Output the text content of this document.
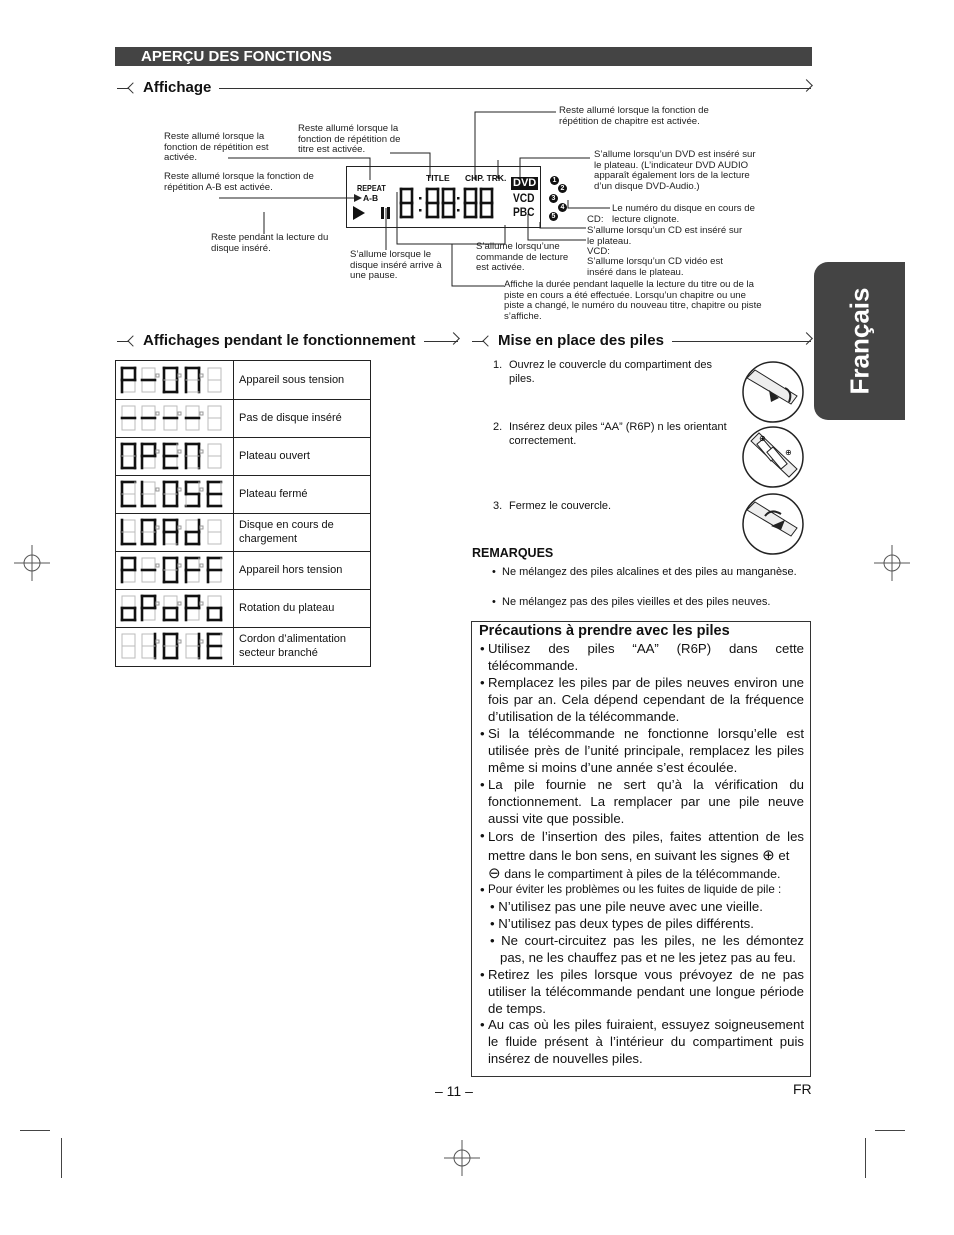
APERÇU DES FONCTIONS
Français
Affichage
Reste allumé lorsque la fonction de répétition est activée.
Reste allumé lorsque la fonction de répétition de titre est activée.
Reste allumé lorsque la fonction de répétition de chapitre est activée.
Reste allumé lorsque la fonction de répétition A-B est activée.
Reste pendant la lecture du disque inséré.
S’allume lorsque le disque inséré arrive à une pause.
S’allume lorsqu’une commande de lecture est activée.
Affiche la durée pendant laquelle la lecture du titre ou de la piste en cours a été effectuée. Lorsqu’un chapitre ou une piste a changé, le numéro du nouveau titre, chapitre ou piste s’affiche.
S’allume lorsqu’un DVD est inséré sur le plateau. (L’indicateur DVD AUDIO apparaît également lors de la lecture d’un disque DVD-Audio.)
Le numéro du disque en cours de lecture clignote.
CD:
S’allume lorsqu’un CD est inséré sur le plateau.
VCD:
S’allume lorsqu’un CD vidéo est inséré dans le plateau.
REPEAT
A-B
TITLE CHP. TRK. DVD
VCD
PBC
1
2
3
4
5
Affichages pendant le fonctionnement
Appareil sous tension
Pas de disque inséré
Plateau ouvert
Plateau fermé
Disque en cours de chargement
Appareil hors tension
Rotation du plateau
Cordon d’alimentation secteur branché
Mise en place des piles
1. Ouvrez le couvercle du compartiment des piles.
2. Insérez deux piles “AA” (R6P) n les orientant correctement.
3. Fermez le couvercle.
⊕
⊕
REMARQUES
• Ne mélangez des piles alcalines et des piles au manganèse.
• Ne mélangez pas des piles vieilles et des piles neuves.
Précautions à prendre avec les piles
• Utilisez des piles “AA” (R6P) dans cette télécommande.
• Remplacez les piles par de piles neuves environ une fois par an. Cela dépend cependant de la fréquence d’utilisation de la télécommande.
• Si la télécommande ne fonctionne lorsqu’elle est utilisée près de l’unité principale, remplacez les piles même si moins d’une année s’est écoulée.
• La pile fournie ne sert qu’à la vérification du fonctionnement. La remplacer par une pile neuve aussi vite que possible.
• Lors de l’insertion des piles, faites attention de les mettre dans le bon sens, en suivant les signes ⊕ et
⊖ dans le compartiment à piles de la télécommande.
• Pour éviter les problèmes ou les fuites de liquide de pile :
• N’utilisez pas une pile neuve avec une vieille.
• N’utilisez pas deux types de piles différents.
• Ne court-circuitez pas les piles, ne les démontez pas, ne les chauffez pas et ne les jetez pas au feu.
• Retirez les piles lorsque vous prévoyez de ne pas utiliser la télécommande pendant une longue période de temps.
• Au cas où les piles fuiraient, essuyez soigneusement le fluide présent à l’intérieur du compartiment puis insérez de nouvelles piles.
– 11 –	FR
